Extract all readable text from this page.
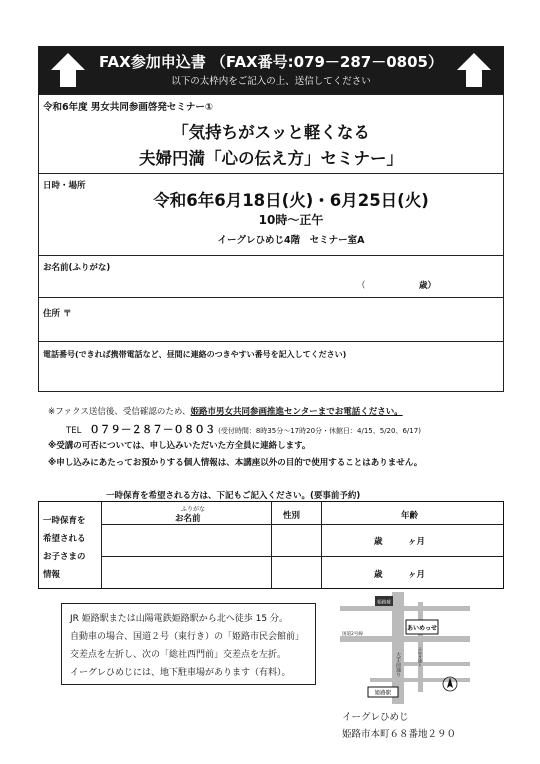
FAX参加申込書 （FAX番号:079－287－0805）
以下の太枠内をご記入の上、送信してください
令和6年度 男女共同参画啓発セミナー①
「気持ちがスッと軽くなる
夫婦円満「心の伝え方」セミナー」
日時・場所
令和6年6月18日(火)・6月25日(火)
10時～正午
イーグレひめじ4階　セミナー室A
お名前(ふりがな)
（	歳）
住所 〒
電話番号(できれば携帯電話など、昼間に連絡のつきやすい番号を記入してください)
※ファクス送信後、受信確認のため、姫路市男女共同参画推進センターまでお電話ください。
TEL ０７９－２８７－０８０３ (受付時間：8時35分～17時20分・休館日：4/15、5/20、6/17)
※受講の可否については、申し込みいただいた方全員に連絡します。
※申し込みにあたってお預かりする個人情報は、本講座以外の目的で使用することはありません。
一時保育を希望される方は、下記もご記入ください。(要事前予約)
一時保育を
希望される
お子さまの
情報
ふりがな
お名前	性別	年齢
歳　　　ヶ月
歳　　　ヶ月
JR 姫路駅または山陽電鉄姫路駅から北へ徒歩 15 分。
自動車の場合、国道２号（東行き）の「姫路市民会館前」
交差点を左折し、次の「総社西門前」交差点を左折。
イーグレひめじには、地下駐車場があります（有料）。
姫路城
あいめっせ
大手前通り	みゆき通り
国道2号線
姫路駅
イーグレひめじ
姫路市本町６８番地２９０
